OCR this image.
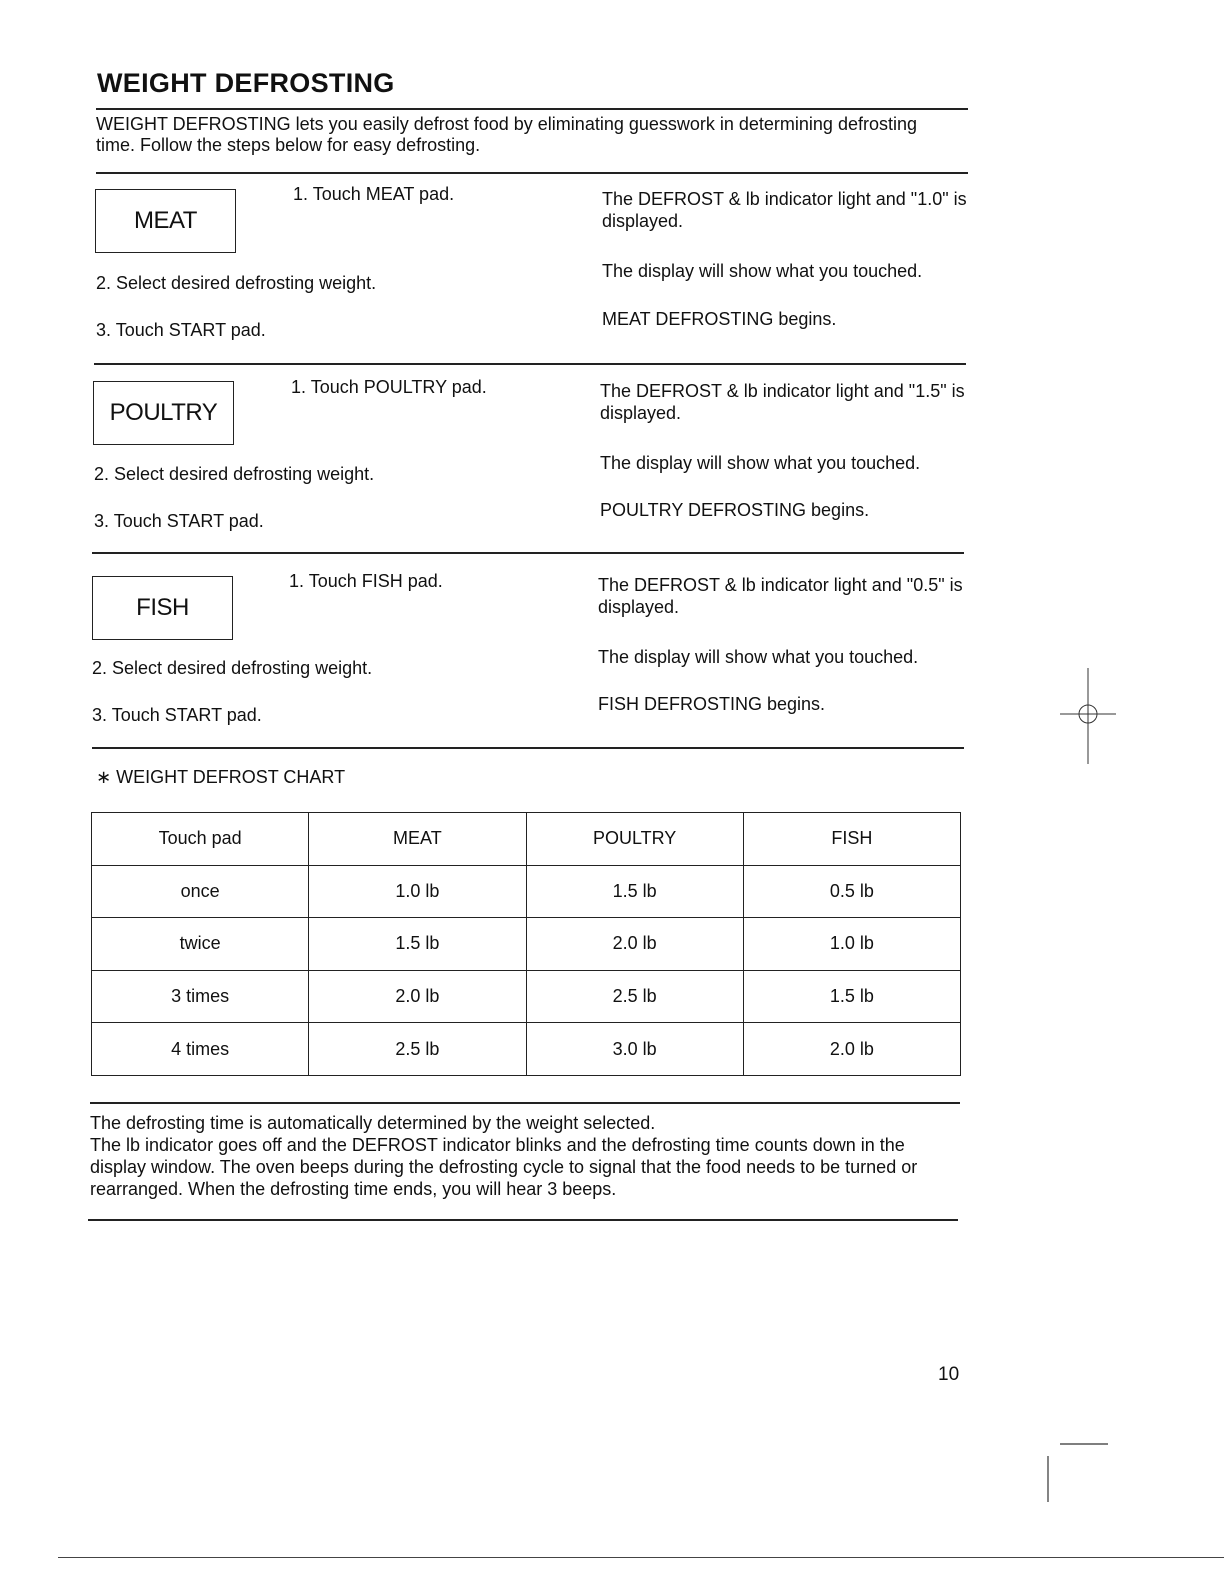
WEIGHT DEFROSTING
WEIGHT DEFROSTING lets you easily defrost food by eliminating guesswork in determining defrosting time. Follow the steps below for easy defrosting.
MEAT
1. Touch MEAT pad.
2. Select desired defrosting weight.
3. Touch START pad.
The DEFROST & lb indicator light and "1.0" is displayed.
The display will show what you touched.
MEAT DEFROSTING begins.
POULTRY
1. Touch POULTRY pad.
2. Select desired defrosting weight.
3. Touch START pad.
The DEFROST & lb indicator light and "1.5" is displayed.
The display will show what you touched.
POULTRY DEFROSTING begins.
FISH
1. Touch FISH pad.
2. Select desired defrosting weight.
3. Touch START pad.
The DEFROST & lb indicator light and "0.5" is displayed.
The display will show what you touched.
FISH DEFROSTING begins.
∗ WEIGHT DEFROST CHART
Touch pad	MEAT	POULTRY	FISH
once	1.0 lb	1.5 lb	0.5 lb
twice	1.5 lb	2.0 lb	1.0 lb
3 times	2.0 lb	2.5 lb	1.5 lb
4 times	2.5 lb	3.0 lb	2.0 lb
The defrosting time is automatically determined by the weight selected.
The lb indicator goes off and the DEFROST indicator blinks and the defrosting time counts down in the display window. The oven beeps during the defrosting cycle to signal that the food needs to be turned or rearranged. When the defrosting time ends, you will hear 3 beeps.
10
